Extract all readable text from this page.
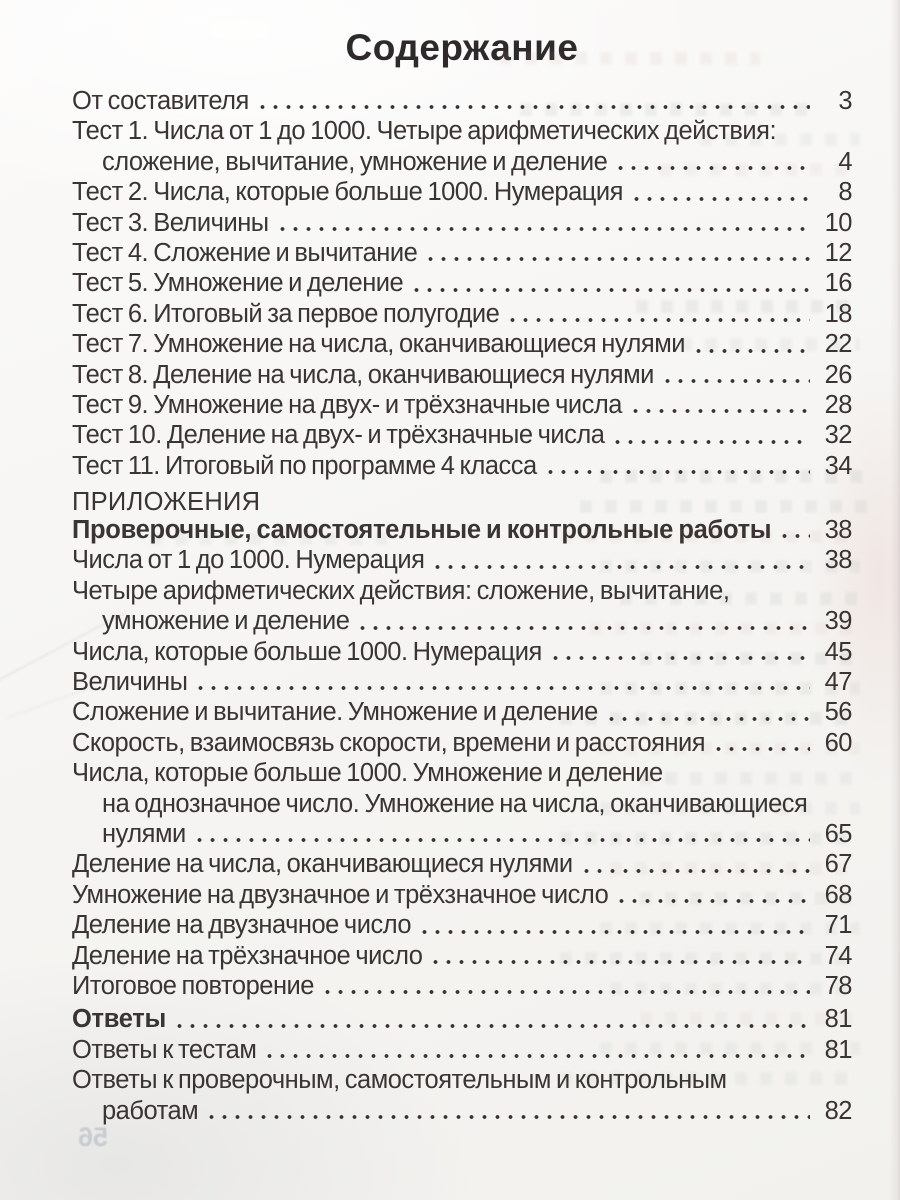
Содержание
От составителя	3
Тест 1. Числа от 1 до 1000. Четыре арифметических действия:
сложение, вычитание, умножение и деление	4
Тест 2. Числа, которые больше 1000. Нумерация	8
Тест 3. Величины	10
Тест 4. Сложение и вычитание	12
Тест 5. Умножение и деление	16
Тест 6. Итоговый за первое полугодие	18
Тест 7. Умножение на числа, оканчивающиеся нулями	22
Тест 8. Деление на числа, оканчивающиеся нулями	26
Тест 9. Умножение на двух- и трёхзначные числа	28
Тест 10. Деление на двух- и трёхзначные числа	32
Тест 11. Итоговый по программе 4 класса	34
ПРИЛОЖЕНИЯ
Проверочные, самостоятельные и контрольные работы 38
Числа от 1 до 1000. Нумерация	38
Четыре арифметических действия: сложение, вычитание,
умножение и деление	39
Числа, которые больше 1000. Нумерация	45
Величины	47
Сложение и вычитание. Умножение и деление	56
Скорость, взаимосвязь скорости, времени и расстояния	60
Числа, которые больше 1000. Умножение и деление
на однозначное число. Умножение на числа, оканчивающиеся
нулями	65
Деление на числа, оканчивающиеся нулями	67
Умножение на двузначное и трёхзначное число	68
Деление на двузначное число	71
Деление на трёхзначное число	74
Итоговое повторение	78
Ответы	81
Ответы к тестам	81
Ответы к проверочным, самостоятельным и контрольным
работам	82
56
